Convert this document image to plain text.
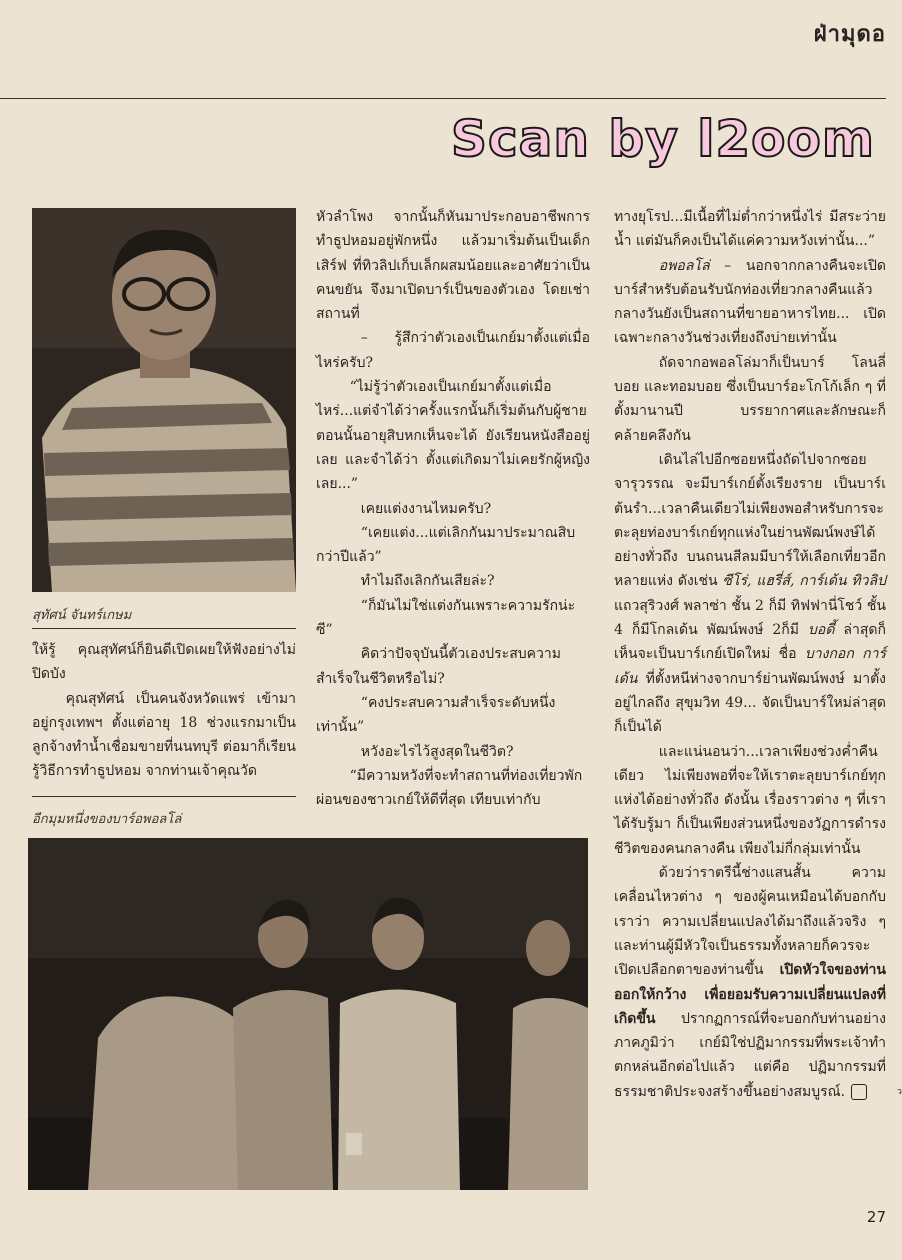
ฝ่ามุดอ
Scan by l2oom
สุทัศน์ จันทร์เกษม

ให้รู้ คุณสุทัศน์ก็ยินดีเปิดเผยให้ฟังอย่างไม่ปิดบัง

คุณสุทัศน์ เป็นคนจังหวัดแพร่ เข้ามาอยู่กรุงเทพฯ ตั้งแต่อายุ 18 ช่วงแรกมาเป็นลูกจ้างทำน้ำเชื่อมขายที่นนทบุรี ต่อมาก็เรียนรู้วิธีการทำธูปหอม จากท่านเจ้าคุณวัด

อีกมุมหนึ่งของบาร์อพอลโล่

หัวลำโพง จากนั้นก็หันมาประกอบอาชีพการทำธูปหอมอยู่พักหนึ่ง แล้วมาเริ่มต้นเป็นเด็กเสิร์ฟ ที่ทิวลิปเก็บเล็กผสมน้อยและอาศัยว่าเป็นคนขยัน จึงมาเปิดบาร์เป็นของตัวเอง โดยเช่าสถานที่

– รู้สึกว่าตัวเองเป็นเกย์มาตั้งแต่เมื่อไหร่ครับ?

“ไม่รู้ว่าตัวเองเป็นเกย์มาตั้งแต่เมื่อไหร่...แต่จำได้ว่าครั้งแรกนั้นก็เริ่มต้นกับผู้ชาย ตอนนั้นอายุสิบหกเห็นจะได้ ยังเรียนหนังสืออยู่เลย และจำได้ว่า ตั้งแต่เกิดมาไม่เคยรักผู้หญิงเลย...”

เคยแต่งงานไหมครับ?

“เคยแต่ง...แต่เลิกกันมาประมาณสิบกว่าปีแล้ว”

ทำไมถึงเลิกกันเสียล่ะ?

“ก็มันไม่ใช่แต่งกันเพราะความรักน่ะซี”

คิดว่าปัจจุบันนี้ตัวเองประสบความสำเร็จในชีวิตหรือไม่?

“คงประสบความสำเร็จระดับหนึ่งเท่านั้น”

หวังอะไรไว้สูงสุดในชีวิต?

“มีความหวังที่จะทำสถานที่ท่องเที่ยวพักผ่อนของชาวเกย์ให้ดีที่สุด เทียบเท่ากับ

ทางยุโรป...มีเนื้อที่ไม่ต่ำกว่าหนึ่งไร่ มีสระว่ายน้ำ แต่มันก็คงเป็นได้แค่ความหวังเท่านั้น...”

อพอลโล่ – นอกจากกลางคืนจะเปิดบาร์สำหรับต้อนรับนักท่องเที่ยวกลางคืนแล้ว กลางวันยังเป็นสถานที่ขายอาหารไทย... เปิดเฉพาะกลางวันช่วงเที่ยงถึงบ่ายเท่านั้น

ถัดจากอพอลโล่มาก็เป็นบาร์ โลนลี่บอย และทอมบอย ซึ่งเป็นบาร์อะโกโก้เล็ก ๆ ที่ตั้งมานานปี บรรยากาศและลักษณะก็คล้ายคลึงกัน

เดินไล่ไปอีกซอยหนึ่งถัดไปจากซอยจารุวรรณ จะมีบาร์เกย์ตั้งเรียงราย เป็นบาร์เต้นรำ...เวลาคืนเดียวไม่เพียงพอสำหรับการจะตะลุยท่องบาร์เกย์ทุกแห่งในย่านพัฒน์พงษ์ได้อย่างทั่วถึง บนถนนสีลมมีบาร์ให้เลือกเที่ยวอีกหลายแห่ง ดังเช่น ซีโร่, แฮรี่ส์, การ์เด้น ทิวลิป แถวสุริวงศ์ พลาซ่า ชั้น 2 ก็มี ทิฟฟานี่โชว์ ชั้น 4 ก็มีโกลเด้น พัฒน์พงษ์ 2ก็มี บอดี้ ล่าสุดก็เห็นจะเป็นบาร์เกย์เปิดใหม่ ชื่อ บางกอก การ์เด้น ที่ตั้งหนีห่างจากบาร์ย่านพัฒน์พงษ์ มาตั้งอยู่ไกลถึง สุขุมวิท 49... จัดเป็นบาร์ใหม่ล่าสุดก็เป็นได้

และแน่นอนว่า...เวลาเพียงช่วงค่ำคืนเดียว ไม่เพียงพอที่จะให้เราตะลุยบาร์เกย์ทุกแห่งได้อย่างทั่วถึง ดังนั้น เรื่องราวต่าง ๆ ที่เราได้รับรู้มา ก็เป็นเพียงส่วนหนึ่งของวัฏการดำรงชีวิตของคนกลางคืน เพียงไม่กี่กลุ่มเท่านั้น

ด้วยว่าราตรีนี้ช่างแสนสั้น ความเคลื่อนไหวต่าง ๆ ของผู้คนเหมือนได้บอกกับเราว่า ความเปลี่ยนแปลงได้มาถึงแล้วจริง ๆ และท่านผู้มีหัวใจเป็นธรรมทั้งหลายก็ควรจะเปิดเปลือกตาของท่านขึ้น เปิดหัวใจของท่านออกให้กว้าง เพื่อยอมรับความเปลี่ยนแปลงที่เกิดขึ้น ปรากฏการณ์ที่จะบอกกับท่านอย่างภาคภูมิว่า เกย์มิใช่ปฏิมากรรมที่พระเจ้าทำตกหล่นอีกต่อไปแล้ว แต่คือ ปฏิมากรรมที่ธรรมชาติประจงสร้างขึ้นอย่างสมบูรณ์.	ว

27
